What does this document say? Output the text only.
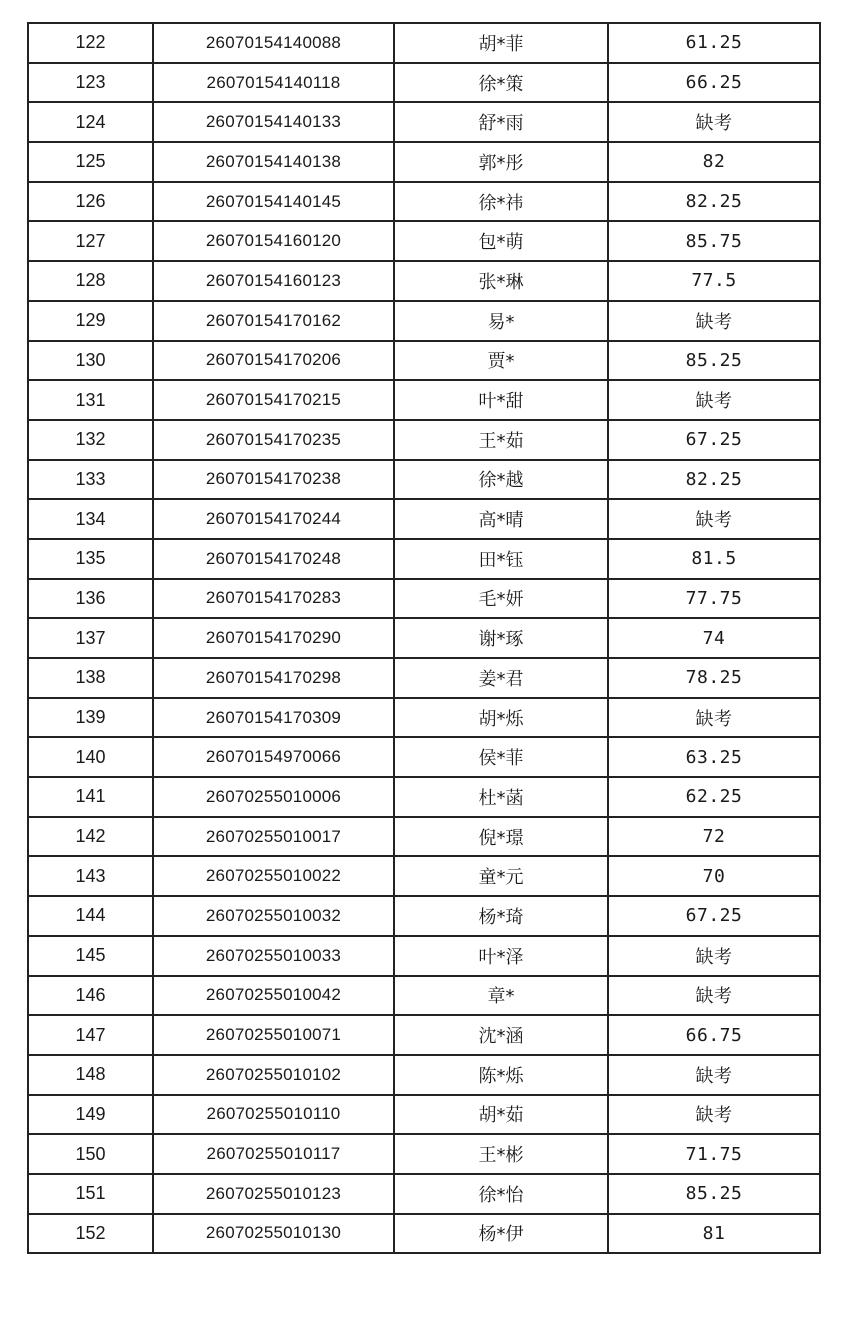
122	26070154140088	胡*菲	61.25
123	26070154140118	徐*策	66.25
124	26070154140133	舒*雨	缺考
125	26070154140138	郭*彤	82
126	26070154140145	徐*祎	82.25
127	26070154160120	包*萌	85.75
128	26070154160123	张*琳	77.5
129	26070154170162	易*	缺考
130	26070154170206	贾*	85.25
131	26070154170215	叶*甜	缺考
132	26070154170235	王*茹	67.25
133	26070154170238	徐*越	82.25
134	26070154170244	高*晴	缺考
135	26070154170248	田*钰	81.5
136	26070154170283	毛*妍	77.75
137	26070154170290	谢*琢	74
138	26070154170298	姜*君	78.25
139	26070154170309	胡*烁	缺考
140	26070154970066	侯*菲	63.25
141	26070255010006	杜*菡	62.25
142	26070255010017	倪*璟	72
143	26070255010022	童*元	70
144	26070255010032	杨*琦	67.25
145	26070255010033	叶*泽	缺考
146	26070255010042	章*	缺考
147	26070255010071	沈*涵	66.75
148	26070255010102	陈*烁	缺考
149	26070255010110	胡*茹	缺考
150	26070255010117	王*彬	71.75
151	26070255010123	徐*怡	85.25
152	26070255010130	杨*伊	81
